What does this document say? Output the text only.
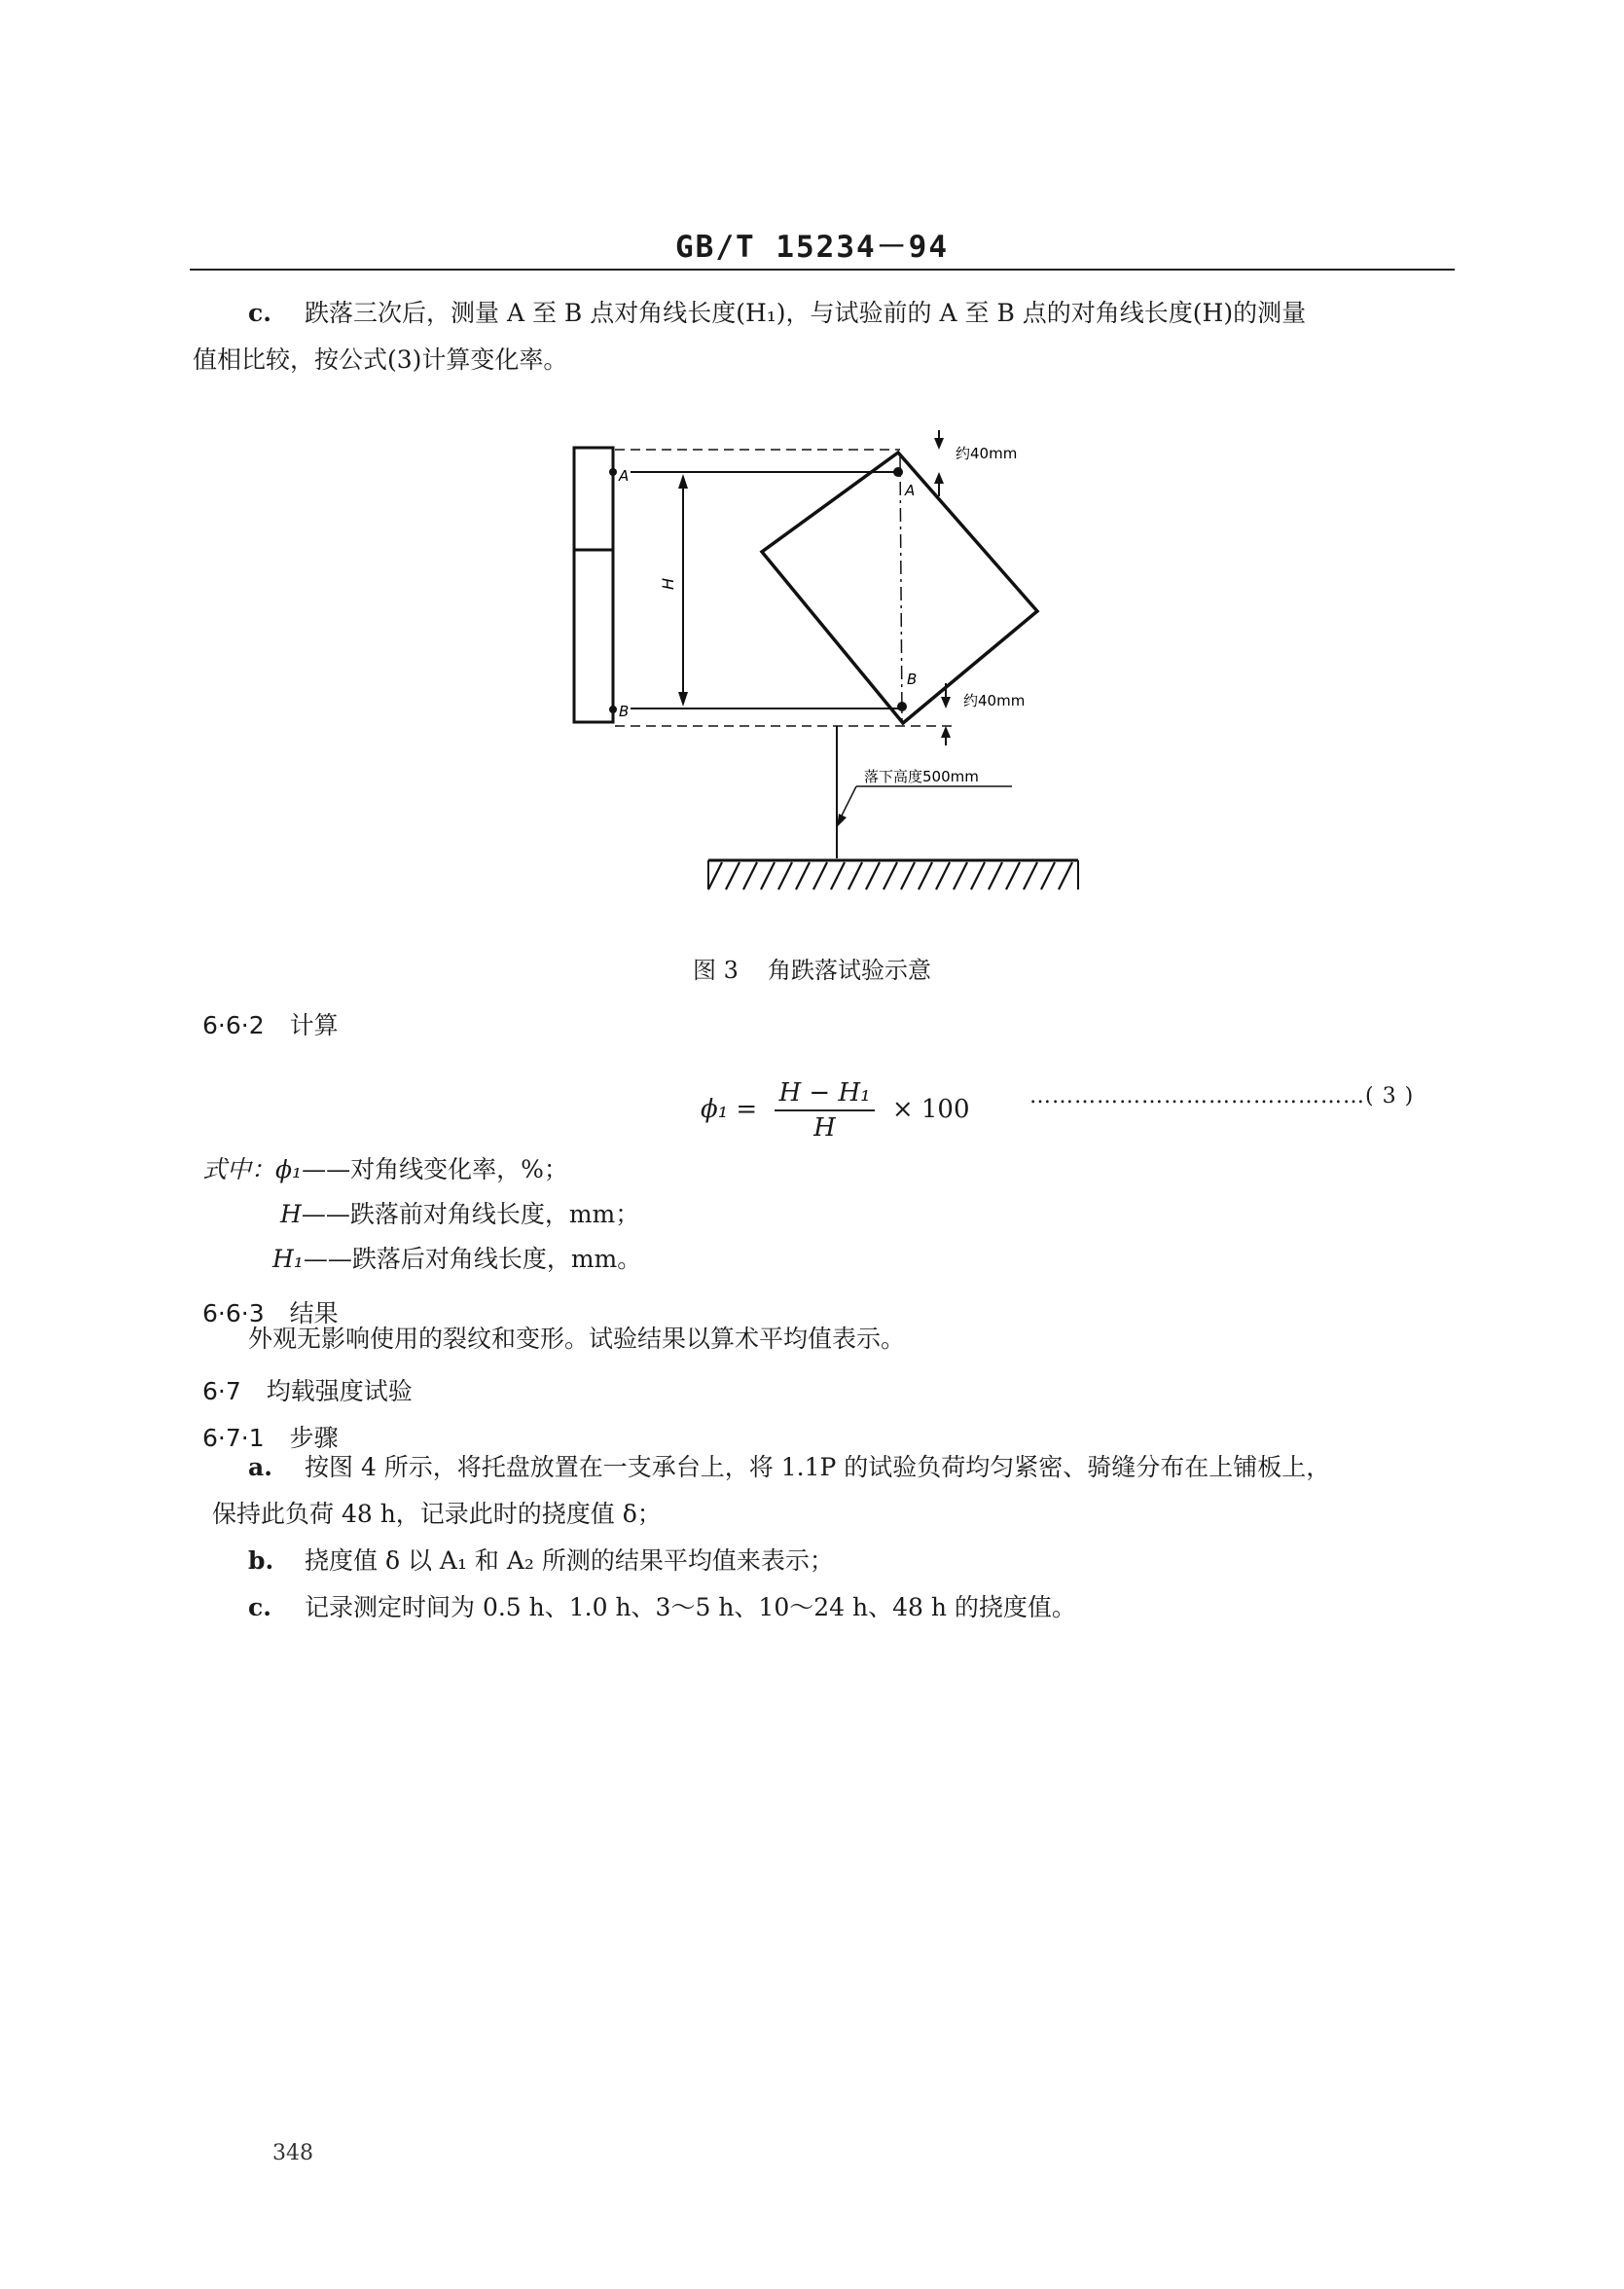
GB/T 15234－94
c. 跌落三次后，测量 A 至 B 点对角线长度(H₁)，与试验前的 A 至 B 点的对角线长度(H)的测量
值相比较，按公式(3)计算变化率。
A
B
H
A
B
约40mm
约40mm
落下高度500mm
图 3 角跌落试验示意
6·6·2 计算
$\phi_1 = \frac{\text{H − H₁}}{H} \times 100$	………………………………………( 3 )
式中：ϕ₁——对角线变化率，%；
H——跌落前对角线长度，mm；
H₁——跌落后对角线长度，mm。
6·6·3 结果
外观无影响使用的裂纹和变形。试验结果以算术平均值表示。
6·7 均载强度试验
6·7·1 步骤
a. 按图 4 所示，将托盘放置在一支承台上，将 1.1P 的试验负荷均匀紧密、骑缝分布在上铺板上，
保持此负荷 48 h，记录此时的挠度值 δ；
b. 挠度值 δ 以 A₁ 和 A₂ 所测的结果平均值来表示；
c. 记录测定时间为 0.5 h、1.0 h、3～5 h、10～24 h、48 h 的挠度值。
348
